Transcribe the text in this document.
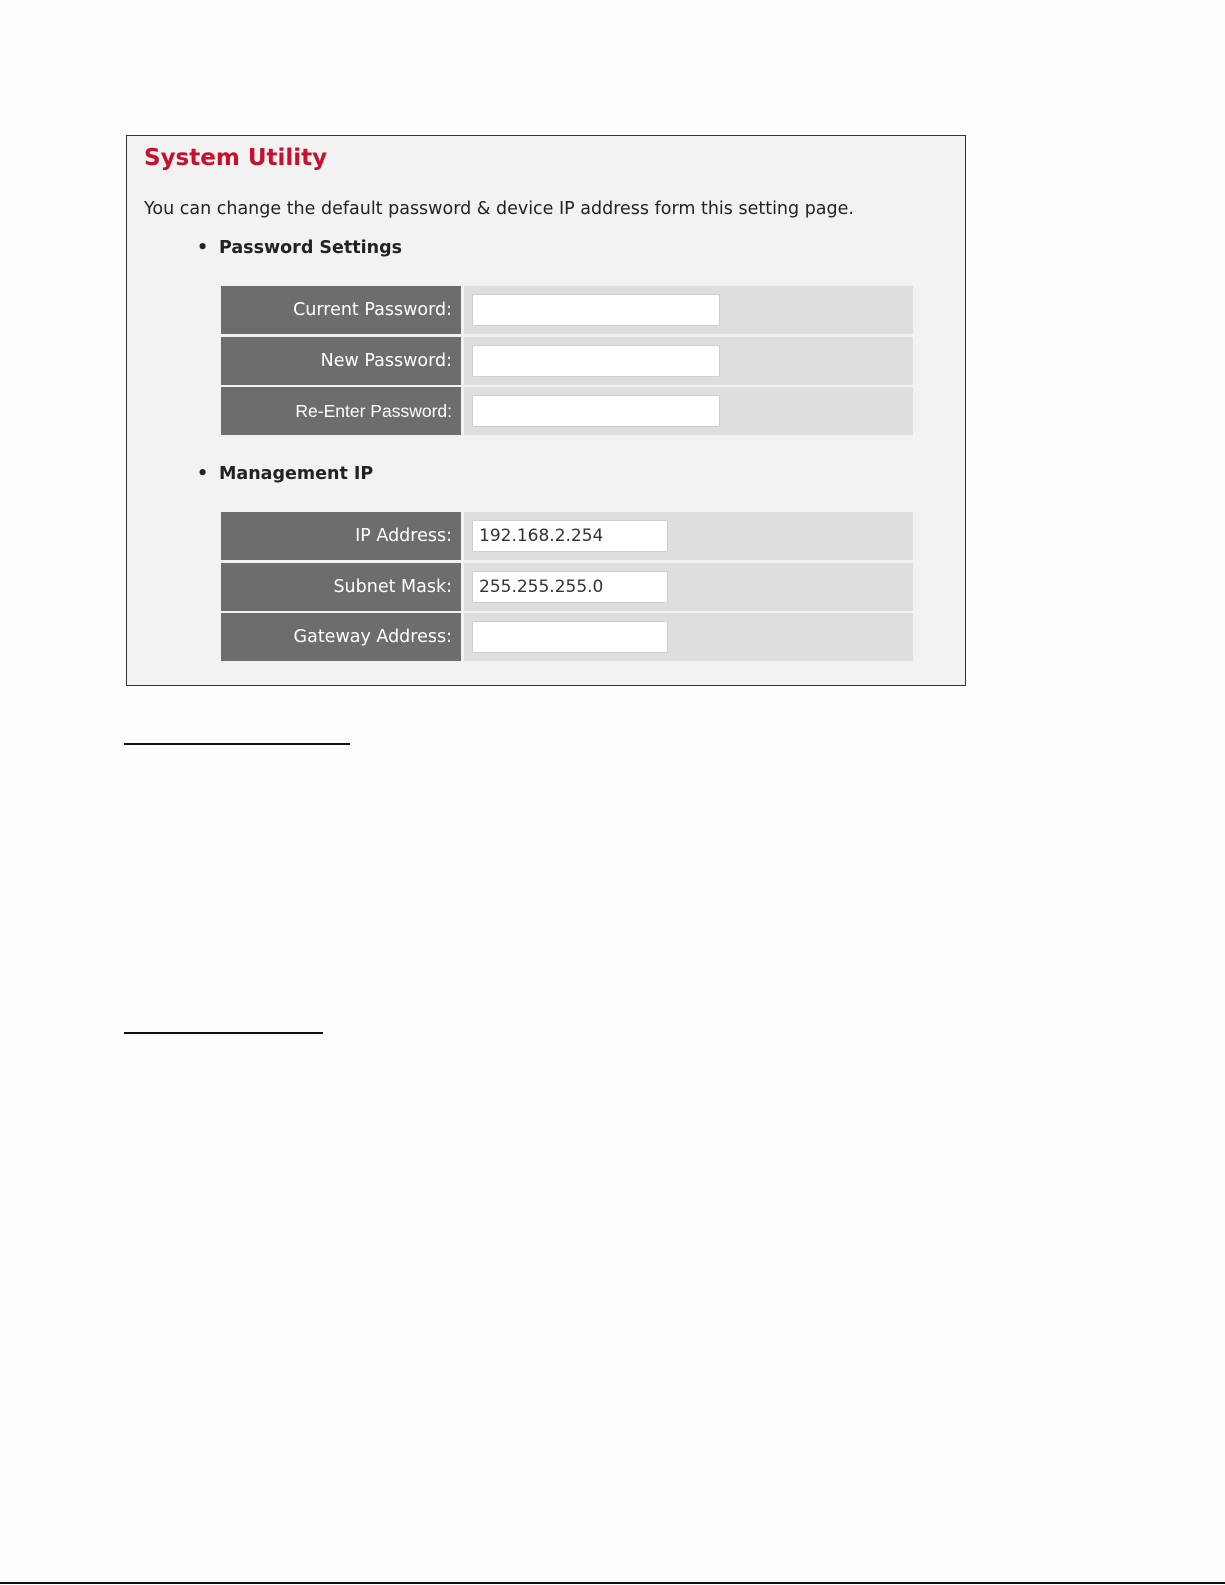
System Utility

You can change the default password & device IP address form this setting page.

• Password Settings
Current Password:
New Password:
Re-Enter Password:
• Management IP
IP Address:
192.168.2.254
Subnet Mask:
255.255.255.0
Gateway Address:
